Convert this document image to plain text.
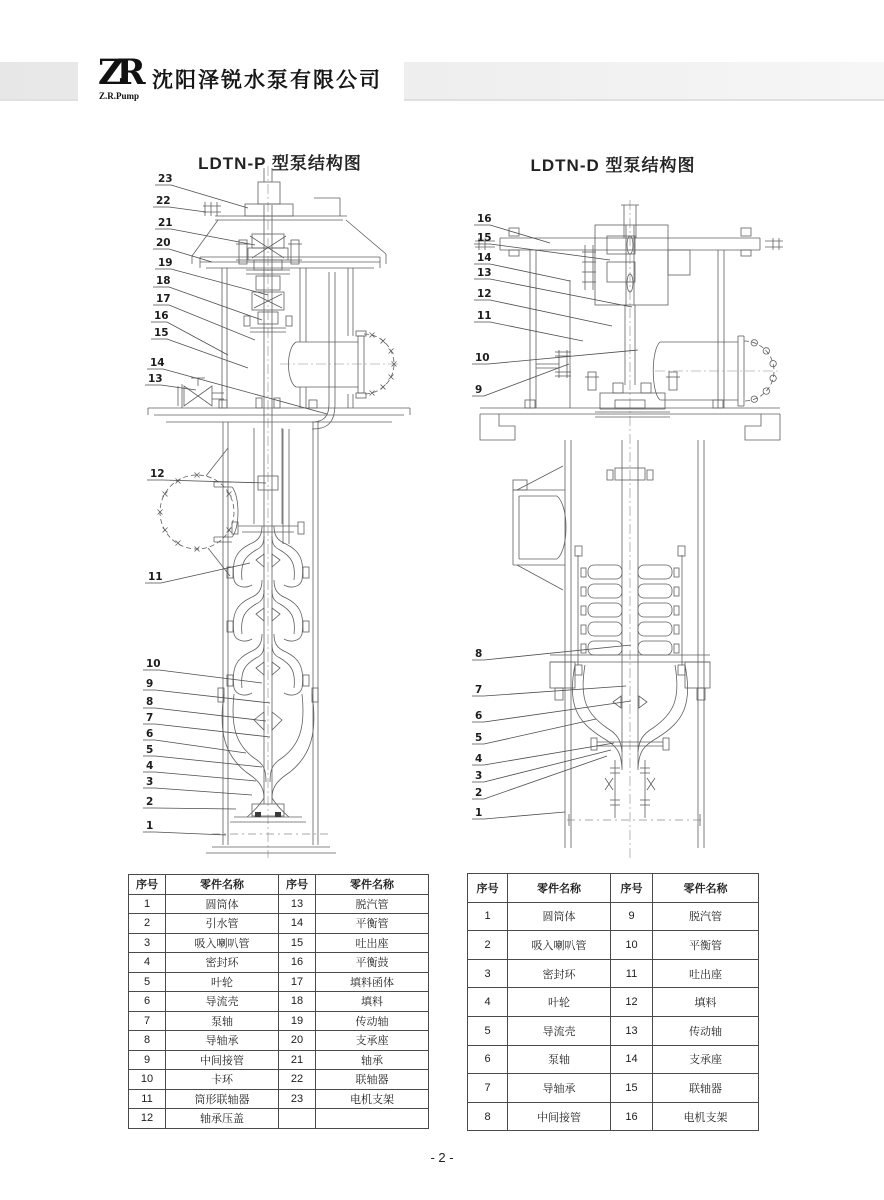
ZR
Z.R.Pump
沈阳泽锐水泵有限公司
LDTN-P 型泵结构图	LDTN-D 型泵结构图
23
22
21
20
19
18
17
16
15
14
13
12
11
10
9
8
7
6
5
4
3
2
1
16
15
14
13
12
11
10
9
8
7
6
5
4
3
2
1
序号	零件名称	序号	零件名称
1	圆筒体	13	脱汽管
2	引水管	14	平衡管
3	吸入喇叭管	15	吐出座
4	密封环	16	平衡鼓
5	叶轮	17	填料函体
6	导流壳	18	填料
7	泵轴	19	传动轴
8	导轴承	20	支承座
9	中间接管	21	轴承
10	卡环	22	联轴器
11	筒形联轴器	23	电机支架
12	轴承压盖		
序号	零件名称	序号	零件名称
1	圆筒体	9	脱汽管
2	吸入喇叭管	10	平衡管
3	密封环	11	吐出座
4	叶轮	12	填料
5	导流壳	13	传动轴
6	泵轴	14	支承座
7	导轴承	15	联轴器
8	中间接管	16	电机支架
- 2 -
